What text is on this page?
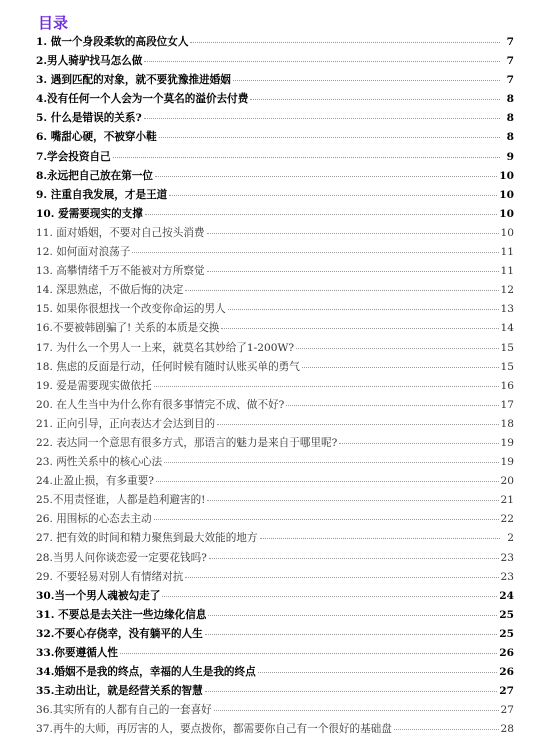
目录
1. 做一个身段柔软的高段位女人	7
2.男人骑驴找马怎么做	7
3. 遇到匹配的对象，就不要犹豫推进婚姻	7
4.没有任何一个人会为一个莫名的溢价去付费	8
5. 什么是错误的关系?	8
6. 嘴甜心硬，不被穿小鞋	8
7.学会投资自己	9
8.永远把自己放在第一位	10
9. 注重自我发展，才是王道	10
10. 爱需要现实的支撑	10
11. 面对婚姻，不要对自己按头消费	10
12. 如何面对浪荡子	11
13. 高攀情绪千万不能被对方所察觉	11
14. 深思熟虑，不做后悔的决定	12
15. 如果你很想找一个改变你命运的男人	13
16.不要被韩剧骗了! 关系的本质是交换	14
17. 为什么一个男人一上来，就莫名其妙给了1-200W?	15
18. 焦虑的反面是行动，任何时候有随时认账买单的勇气	15
19. 爱是需要现实做依托	16
20. 在人生当中为什么你有很多事情完不成、做不好?	17
21. 正向引导，正向表达才会达到目的	18
22. 表达同一个意思有很多方式，那语言的魅力是来自于哪里呢?	19
23. 两性关系中的核心心法	19
24.止盈止损，有多重要?	20
25.不用责怪谁，人都是趋利避害的!	21
26. 用围标的心态去主动	22
27. 把有效的时间和精力聚焦到最大效能的地方	2
28.当男人问你谈恋爱一定要花钱吗?	23
29. 不要轻易对别人有情绪对抗	23
30.当一个男人魂被勾走了	24
31. 不要总是去关注一些边缘化信息	25
32.不要心存侥幸，没有躺平的人生	25
33.你要遵循人性	26
34.婚姻不是我的终点，幸福的人生是我的终点	26
35.主动出让，就是经营关系的智慧	27
36.其实所有的人都有自己的一套喜好	27
37.再牛的大师，再厉害的人，要点拨你，都需要你自己有一个很好的基础盘	28
